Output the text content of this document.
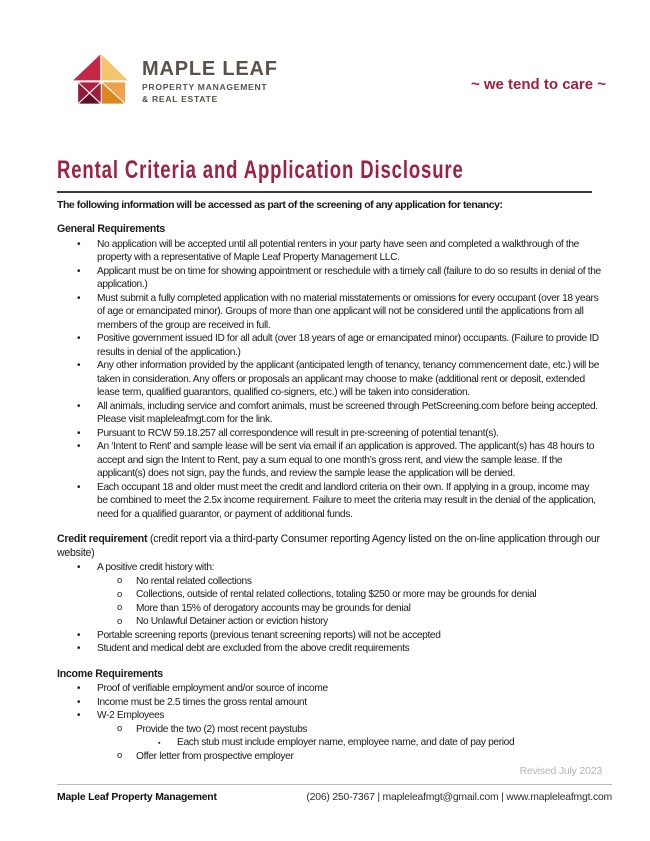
MAPLE LEAF
PROPERTY MANAGEMENT
& REAL ESTATE
~ we tend to care ~
Rental Criteria and Application Disclosure

The following information will be accessed as part of the screening of any application for tenancy:

General Requirements
• No application will be accepted until all potential renters in your party have seen and completed a walkthrough of the property with a representative of Maple Leaf Property Management LLC.
• Applicant must be on time for showing appointment or reschedule with a timely call (failure to do so results in denial of the application.)
• Must submit a fully completed application with no material misstatements or omissions for every occupant (over 18 years of age or emancipated minor). Groups of more than one applicant will not be considered until the applications from all members of the group are received in full.
• Positive government issued ID for all adult (over 18 years of age or emancipated minor) occupants. (Failure to provide ID results in denial of the application.)
• Any other information provided by the applicant (anticipated length of tenancy, tenancy commencement date, etc.) will be taken in consideration. Any offers or proposals an applicant may choose to make (additional rent or deposit, extended lease term, qualified guarantors, qualified co-signers, etc.) will be taken into consideration.
• All animals, including service and comfort animals, must be screened through PetScreening.com before being accepted. Please visit mapleleafmgt.com for the link.
• Pursuant to RCW 59.18.257 all correspondence will result in pre-screening of potential tenant(s).
• An ‘Intent to Rent’ and sample lease will be sent via email if an application is approved. The applicant(s) has 48 hours to accept and sign the Intent to Rent, pay a sum equal to one month’s gross rent, and view the sample lease. If the applicant(s) does not sign, pay the funds, and review the sample lease the application will be denied.
• Each occupant 18 and older must meet the credit and landlord criteria on their own. If applying in a group, income may be combined to meet the 2.5x income requirement. Failure to meet the criteria may result in the denial of the application, need for a qualified guarantor, or payment of additional funds.
Credit requirement (credit report via a third-party Consumer reporting Agency listed on the on-line application through our website)
• A positive credit history with:
o No rental related collections
o Collections, outside of rental related collections, totaling $250 or more may be grounds for denial
o More than 15% of derogatory accounts may be grounds for denial
o No Unlawful Detainer action or eviction history
• Portable screening reports (previous tenant screening reports) will not be accepted
• Student and medical debt are excluded from the above credit requirements
Income Requirements
• Proof of verifiable employment and/or source of income
• Income must be 2.5 times the gross rental amount
• W-2 Employees
o Provide the two (2) most recent paystubs
▪ Each stub must include employer name, employee name, and date of pay period
o Offer letter from prospective employer
Revised July 2023
Maple Leaf Property Management	(206) 250-7367 | mapleleafmgt@gmail.com | www.mapleleafmgt.com
